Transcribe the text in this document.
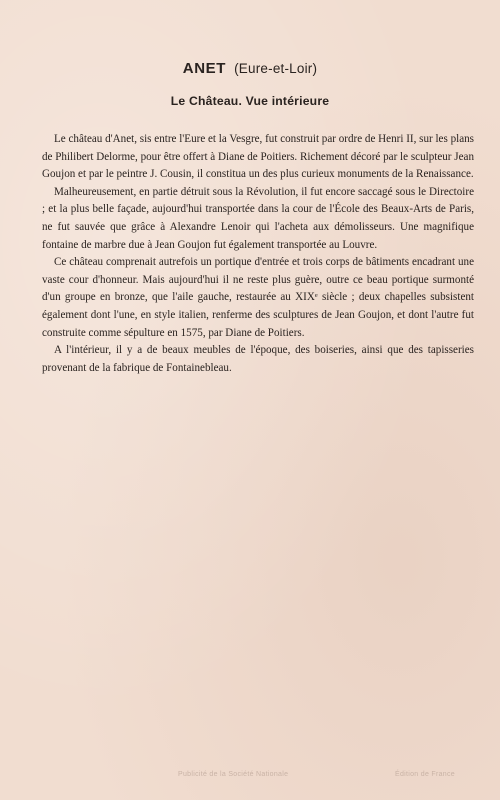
ANET (Eure-et-Loir)
Le Château. Vue intérieure

Le château d'Anet, sis entre l'Eure et la Vesgre, fut construit par ordre de Henri II, sur les plans de Philibert Delorme, pour être offert à Diane de Poitiers. Richement décoré par le sculpteur Jean Goujon et par le peintre J. Cousin, il constitua un des plus curieux monuments de la Renaissance.

Malheureusement, en partie détruit sous la Révolution, il fut encore saccagé sous le Directoire ; et la plus belle façade, aujourd'hui transportée dans la cour de l'École des Beaux-Arts de Paris, ne fut sauvée que grâce à Alexandre Lenoir qui l'acheta aux démolisseurs. Une magnifique fontaine de marbre due à Jean Goujon fut également transportée au Louvre.

Ce château comprenait autrefois un portique d'entrée et trois corps de bâtiments encadrant une vaste cour d'honneur. Mais aujourd'hui il ne reste plus guère, outre ce beau portique surmonté d'un groupe en bronze, que l'aile gauche, restaurée au XIXᵉ siècle ; deux chapelles subsistent également dont l'une, en style italien, renferme des sculptures de Jean Goujon, et dont l'autre fut construite comme sépulture en 1575, par Diane de Poitiers.

A l'intérieur, il y a de beaux meubles de l'époque, des boiseries, ainsi que des tapisseries provenant de la fabrique de Fontainebleau.

Publicité de la Société Nationale	Édition de France
